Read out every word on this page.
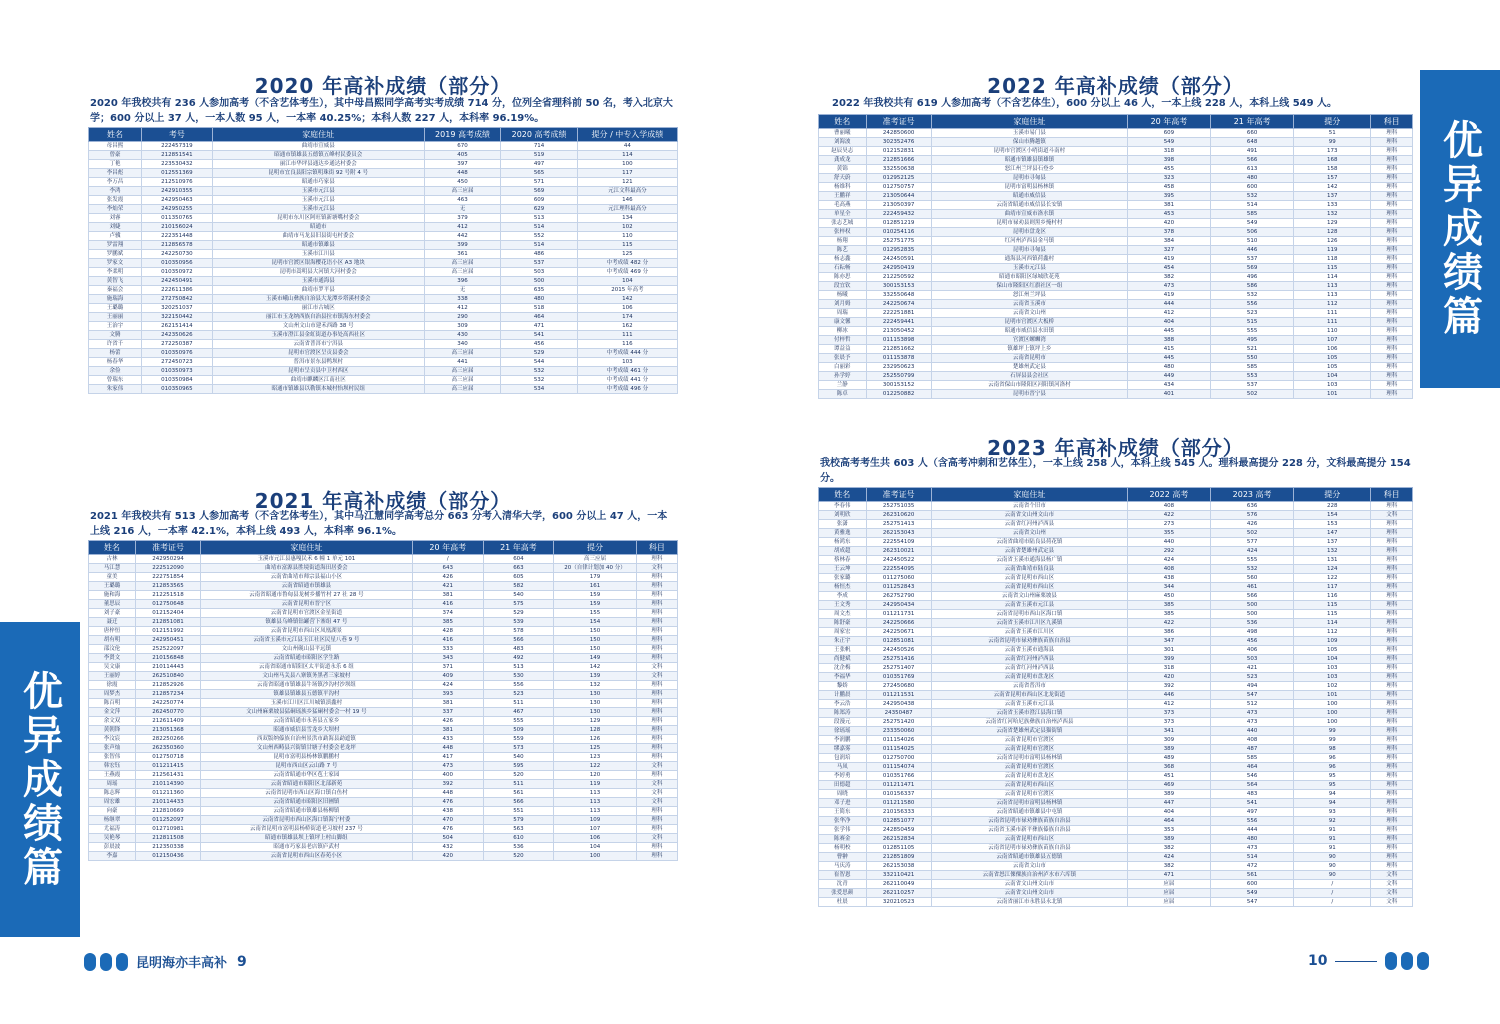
2020 年高补成绩（部分）
2020 年我校共有 236 人参加高考（不含艺体考生），其中母昌熙同学高考实考成绩 714 分，位列全省理科前 50 名，考入北京大学；600 分以上 37 人，一本人数 95 人，一本率 40.25%；本科人数 227 人，本科率 96.19%。
姓名	考号	家庭住址	2019 高考成绩	2020 高考成绩	提分 / 中专入学成绩
母昌熙	222457319	曲靖市宣威县	670	714	44
曾豪	212851541	昭通市镇雄县五德镇五峰村民委员会	405	519	114
丁艳	223530432	丽江市华坪县通达乡通达村委会	397	497	100
李昌彪	012551369	昆明市宜良县阳宗镇明珠街 92 号附 4 号	448	565	117
李万昌	212510976	昭通市巧家县	450	571	121
李鸿	242910355	玉溪市元江县	高三应届	569	元江文科最高分
张发霞	242950463	玉溪市元江县	463	609	146
李灿荣	242950255	玉溪市元江县	无	629	元江理科最高分
刘睿	011350765	昆明市东川区阿旺镇新塘嘴村委会	379	513	134
刘婕	210156024	昭通市	412	514	102
卢骥	222351448	曲靖市马龙县旧县街屯村委会	442	552	110
罗雷翔	212856578	昭通市镇雄县	399	514	115
罗鹏斌	242250730	玉溪市江川县	361	486	125
罗家文	010350956	昆明市官渡区银海樱花语小区 A3 地块	高三应届	537	中考成绩 482 分
李柔明	010350972	昆明市嵩明县大河镇大河村委会	高三应届	503	中考成绩 469 分
黄智飞	242450491	玉溪市通海县	396	500	104
秦福会	222611386	曲靖市罗平县	无	635	2015 年高考
施瑞海	272750842	玉溪市峨山彝族自治县大龙潭乡塔溪村委会	338	480	142
王璐璐	320251037	丽江市古城区	412	518	106
王丽丽	322150442	丽江市玉龙纳西族自治县拉市镇海东村委会	290	464	174
王治宇	262151414	文山州文山市建禾西路 38 号	309	471	162
文腾	242350626	玉溪市澄江县金虹街道办事处高西社区	430	541	111
许省千	272250387	云南省普洱市宁洱县	340	456	116
杨蕾	010350976	昆明市官渡区呈贡县委会	高三应届	529	中考成绩 444 分
杨春华	272450723	普洱市景东县鸭坝村	441	544	103
余俭	010350973	昆明市呈贡县中卫村西区	高三应届	532	中考成绩 461 分
曾瑞东	010350984	曲靖市麒麟区江南社区	高三应届	532	中考成绩 441 分
朱家伟	010350965	昭通市镇雄县以勒镇本城村怡坝村民组	高三应届	534	中考成绩 496 分
2021 年高补成绩（部分）
2021 年我校共有 513 人参加高考（不含艺体考生），其中马江慧同学高考总分 663 分考入清华大学，600 分以上 47 人，一本上线 216 人，一本率 42.1%，本科上线 493 人，本科率 96.1%。
姓名	准考证号	家庭住址	20 年高考	21 年高考	提分	科目
古林	242950294	玉溪市元江县惠嘎民禾 6 幢 1 单元 101	/	604	高三应届	理科
马江慧	222512090	曲靖市富源县胜境街道海田居委会	643	663	20（自律计划加 40 分）	文科
童美	222751854	云南省曲靖市师宗县福山小区	426	605	179	理科
王璐璐	212853565	云南省昭通市镇雄县	421	582	161	理科
施和海	212251518	云南省昭通市鲁甸县龙树乡播竹村 27 社 28 号	381	540	159	理科
董思辰	012750648	云南省昆明市晋宁区	416	575	159	理科
刘子豪	012152404	云南省昆明市官渡区金星街道	374	529	155	理科
聂迁	212851081	镇雄县乌峰镇钻罐营下寨组 47 号	385	539	154	理科
唐梓恒	012151992	云南省昆明市西山区凤凰湖景	428	578	150	理科
胡有明	242950451	云南省玉溪市元江县玉江社区民星八巷 9 号	416	566	150	理科
邵汶伦	252522097	文山州砚山县平远镇	333	483	150	理科
李贤文	210156848	云南省昭通市昭阳区学生路	343	492	149	理科
吴文康	210114443	云南省昭通市昭阳区太平街道永乐 6 组	371	513	142	文科
王丽婷	262510840	文山州马关县八寨镇务黑者三家坡村	409	530	139	文科
徐霞	212852926	云南省昭通市镇雄县牛场镇沙沟村沙坝组	424	556	132	理科
周梦杰	212857234	镇雄县镇雄县五德镇平沟村	393	523	130	理科
陈百明	242250774	玉溪市江川区江川城镇滇鑫村	381	511	130	理科
金文萍	262450770	文山州麻栗坡县猛硐瑶族乡猛硐村委会一村 19 号	337	467	130	理科
余文双	212611409	云南省昭通市永善县五家乡	426	555	129	理科
黄朝锋	213051368	昭通市威信县雪龙乡大坝村	381	509	128	理科
李汶宸	282250266	西双版纳傣族自治州景洪市勐海县勐遮镇	433	559	126	理科
张声灿	262350360	文山州西畴县兴街镇甘塘子村委会老龙坪	448	573	125	理科
张智伟	012750718	昆明市富明县杨林镇鹏鹏村	417	540	123	理科
韩宏钰	011211415	昆明市西山区云山路 7 号	473	595	122	文科
王燕霞	212561431	云南省昭通市华区苞土家园	400	520	120	理科
周瑶	210114390	云南省昭通市昭阳区北部新苑	392	511	119	文科
陈志辉	011211360	云南省昆明市西山区海口镇白鱼村	448	561	113	文科
周宏雄	210114433	云南省昭通市昭阳区旧圃镇	476	566	113	文科
向豪	212810669	云南省昭通市镇雄县杨柳镇	438	551	113	理科
杨继翠	011252097	云南省昆明市西山区海口镇海宁村委	470	579	109	理科
尤福涛	012710981	云南省昆明市富明县杨桥街道老习坡村 237 号	476	563	107	理科
吴艳琴	212811508	昭通市镇雄县坝上镇坪上村山脚组	504	610	106	文科
彭晨波	212350338	昭通市巧家县老店镇庐武村	432	536	104	理科
李嘉	012150436	云南省昆明市西山区春苑小区	420	520	100	理科
优异成绩篇
昆明海亦丰高补 9
2022 年高补成绩（部分）
2022 年我校共有 619 人参加高考（不含艺体生），600 分以上 46 人，一本上线 228 人，本科上线 549 人。
姓名	准考证号	家庭住址	20 年高考	21 年高考	提分	科目
曹丽曦	242850600	玉溪市易门县	609	660	51	理科
刘海波	302352476	保山市腾越镇	549	648	99	理科
赵辰昊志	012152831	昆明市官渡区小哨街道斗南村	318	491	173	理科
龚成龙	212851666	昭通市镇雄县镇雄镇	398	566	168	理科
黄锦	332550638	怒江州兰坪县石登乡	455	613	158	理科
舒天蔚	012952125	昆明市寻甸县	323	480	157	理科
杨维科	012750757	昆明市富明县杨林镇	458	600	142	理科
王鹏祥	213050644	昭通市威信县	395	532	137	理科
毛高燕	213050397	云南省昭通市威信县长安镇	381	514	133	理科
单星全	222459432	曲靖市宣威市洛水镇	453	585	132	理科
张志艺城	012851219	昆明市禄劝县则黑乡掩村村	420	549	129	理科
张梓权	010254116	昆明市盘龙区	378	506	128	理科
杨翔	252751775	红河州泸西县金马镇	384	510	126	理科
陈艺	012952835	昆明市寻甸县	327	446	119	理科
杨志鑫	242450591	通海县河西镇荷鑫村	419	537	118	理科
石耘畅	242950419	玉溪市元江县	454	569	115	理科
陈亦思	212250592	昭通市昭阳区绿城欣花苑	382	496	114	理科
段宜钦	300153153	保山市隆阳区红旗社区一组	473	586	113	理科
杨曦	332550648	怒江州兰坪县	419	532	113	理科
刘月姆	242250674	云南省玉溪市	444	556	112	理科
周瑞	222251881	云南省文山州	412	523	111	理科
康文馨	222459441	昆明市官渡区大板桥	404	515	111	理科
柳冰	213050452	昭通市威信县水田镇	445	555	110	理科
付梓哲	011153898	官渡区螺蛳湾	388	495	107	理科
谭益益	212851662	镇雄坪上镇坪上乡	415	521	106	理科
张晨予	011153878	云南省昆明市	445	550	105	理科
白丽彩	232950623	楚雄州武定县	480	585	105	理科
孙学婷	252550799	石屏县县会社区	449	553	104	理科
兰静	300153152	云南省保山市隆阳区河阳镇河洛村	434	537	103	理科
陈卓	012250882	昆明市晋宁县	401	502	101	理科
2023 年高补成绩（部分）
我校高考考生共 603 人（含高考冲刺和艺体生），一本上线 258 人，本科上线 545 人。理科最高提分 228 分，文科最高提分 154 分。
姓名	准考证号	家庭住址	2022 高考	2023 高考	提分	科目
李春伟	252751035	云南省个旧市	408	636	228	理科
刘明欣	262310620	云南省文山州文山市	422	576	154	文科
张潇	252751413	云南省红河州泸西县	273	426	153	理科
黄雅逸	262153043	云南省文山州	355	502	147	理科
杨鸿东	222554109	云南省曲靖市陆良县荷花镇	440	577	137	理科
胡成超	262310021	云南省楚雄州武定县	292	424	132	理科
蔡林春	242450522	云南省玉溪市通海县杨广镇	424	555	131	理科
王云坤	222554095	云南省曲靖市陆良县	408	532	124	理科
张家璐	011275060	云南省昆明市西山区	438	560	122	理科
杨恒杰	011252843	云南省昆明市西山区	344	461	117	理科
李成	262752790	云南省文山州麻栗坡县	450	566	116	理科
王文秀	242950434	云南省玉溪市元江县	385	500	115	理科
周文杰	011211731	云南省昆明市西山区海口镇	385	500	115	理科
陈舒豪	242250666	云南省玉溪市江川区九溪镇	422	536	114	理科
周家宏	242250671	云南省玉溪市江川区	386	498	112	理科
朱正宇	012851081	云南省昆明市禄劝彝族苗族自治县	347	456	109	理科
王张帆	242450526	云南省玉溪市通海县	301	406	105	理科
尚健斌	252751416	云南省红河州泸西县	399	503	104	理科
沈企梅	252751407	云南省红河州泸西县	318	421	103	理科
李福华	010351769	云南省昆明市盘龙区	420	523	103	理科
黎娇	272450680	云南省普洱市	392	494	102	理科
计鹏晨	011211531	云南省昆明市西山区北龙街道	446	547	101	理科
李云浩	242950438	云南省玉溪市元江县	412	512	100	理科
陈郑涛	24350487	云南省玉溪市澄江县海口镇	373	473	100	理科
段漫元	252751420	云南省红河哈尼族彝族自治州泸西县	373	473	100	理科
徐瑶瑶	233350060	云南省楚雄州武定县猫街镇	341	440	99	理科
李润鹏	011154026	云南省昆明市官渡区	309	408	99	理科
缪嘉雾	011154025	云南省昆明市官渡区	389	487	98	理科
包润培	012750700	云南省昆明市富明县杨林镇	489	585	96	理科
马凤	011154074	云南省昆明市官渡区	368	464	96	理科
李婷勇	010351766	云南省昆明市盘龙区	451	546	95	理科
田德超	011211471	云南省昆明市西山区	469	564	95	理科
周晓	010156337	云南省昆明市官渡区	389	483	94	理科
邓子进	011211580	云南省昆明市富明县杨林镇	447	541	94	理科
王简东	210156333	云南省昭通市镇雄县中屯镇	404	497	93	理科
张华净	012851077	云南省昆明市禄劝彝族苗族自治县	464	556	92	理科
张学伟	242850459	云南省玉溪市新平彝族傣族自治县	353	444	91	理科
陈赛金	262152834	云南省昆明市西山区	389	480	91	理科
杨明校	012851105	云南省昆明市禄劝彝族苗族自治县	382	473	91	理科
曹翀	212851809	云南省昭通市镇雄县五德镇	424	514	90	理科
马庆涛	262153038	云南省文山市	382	472	90	理科
崔智恩	332110421	云南省怒江傈僳族自治州泸水市六库镇	471	561	90	文科
沈青	262110049	云南省文山州文山市	应届	600	/	文科
张爱思颜	262110257	云南省文山州文山市	应届	549	/	文科
杜晨	320210523	云南省丽江市永胜县永北镇	应届	547	/	文科
优异成绩篇
10
